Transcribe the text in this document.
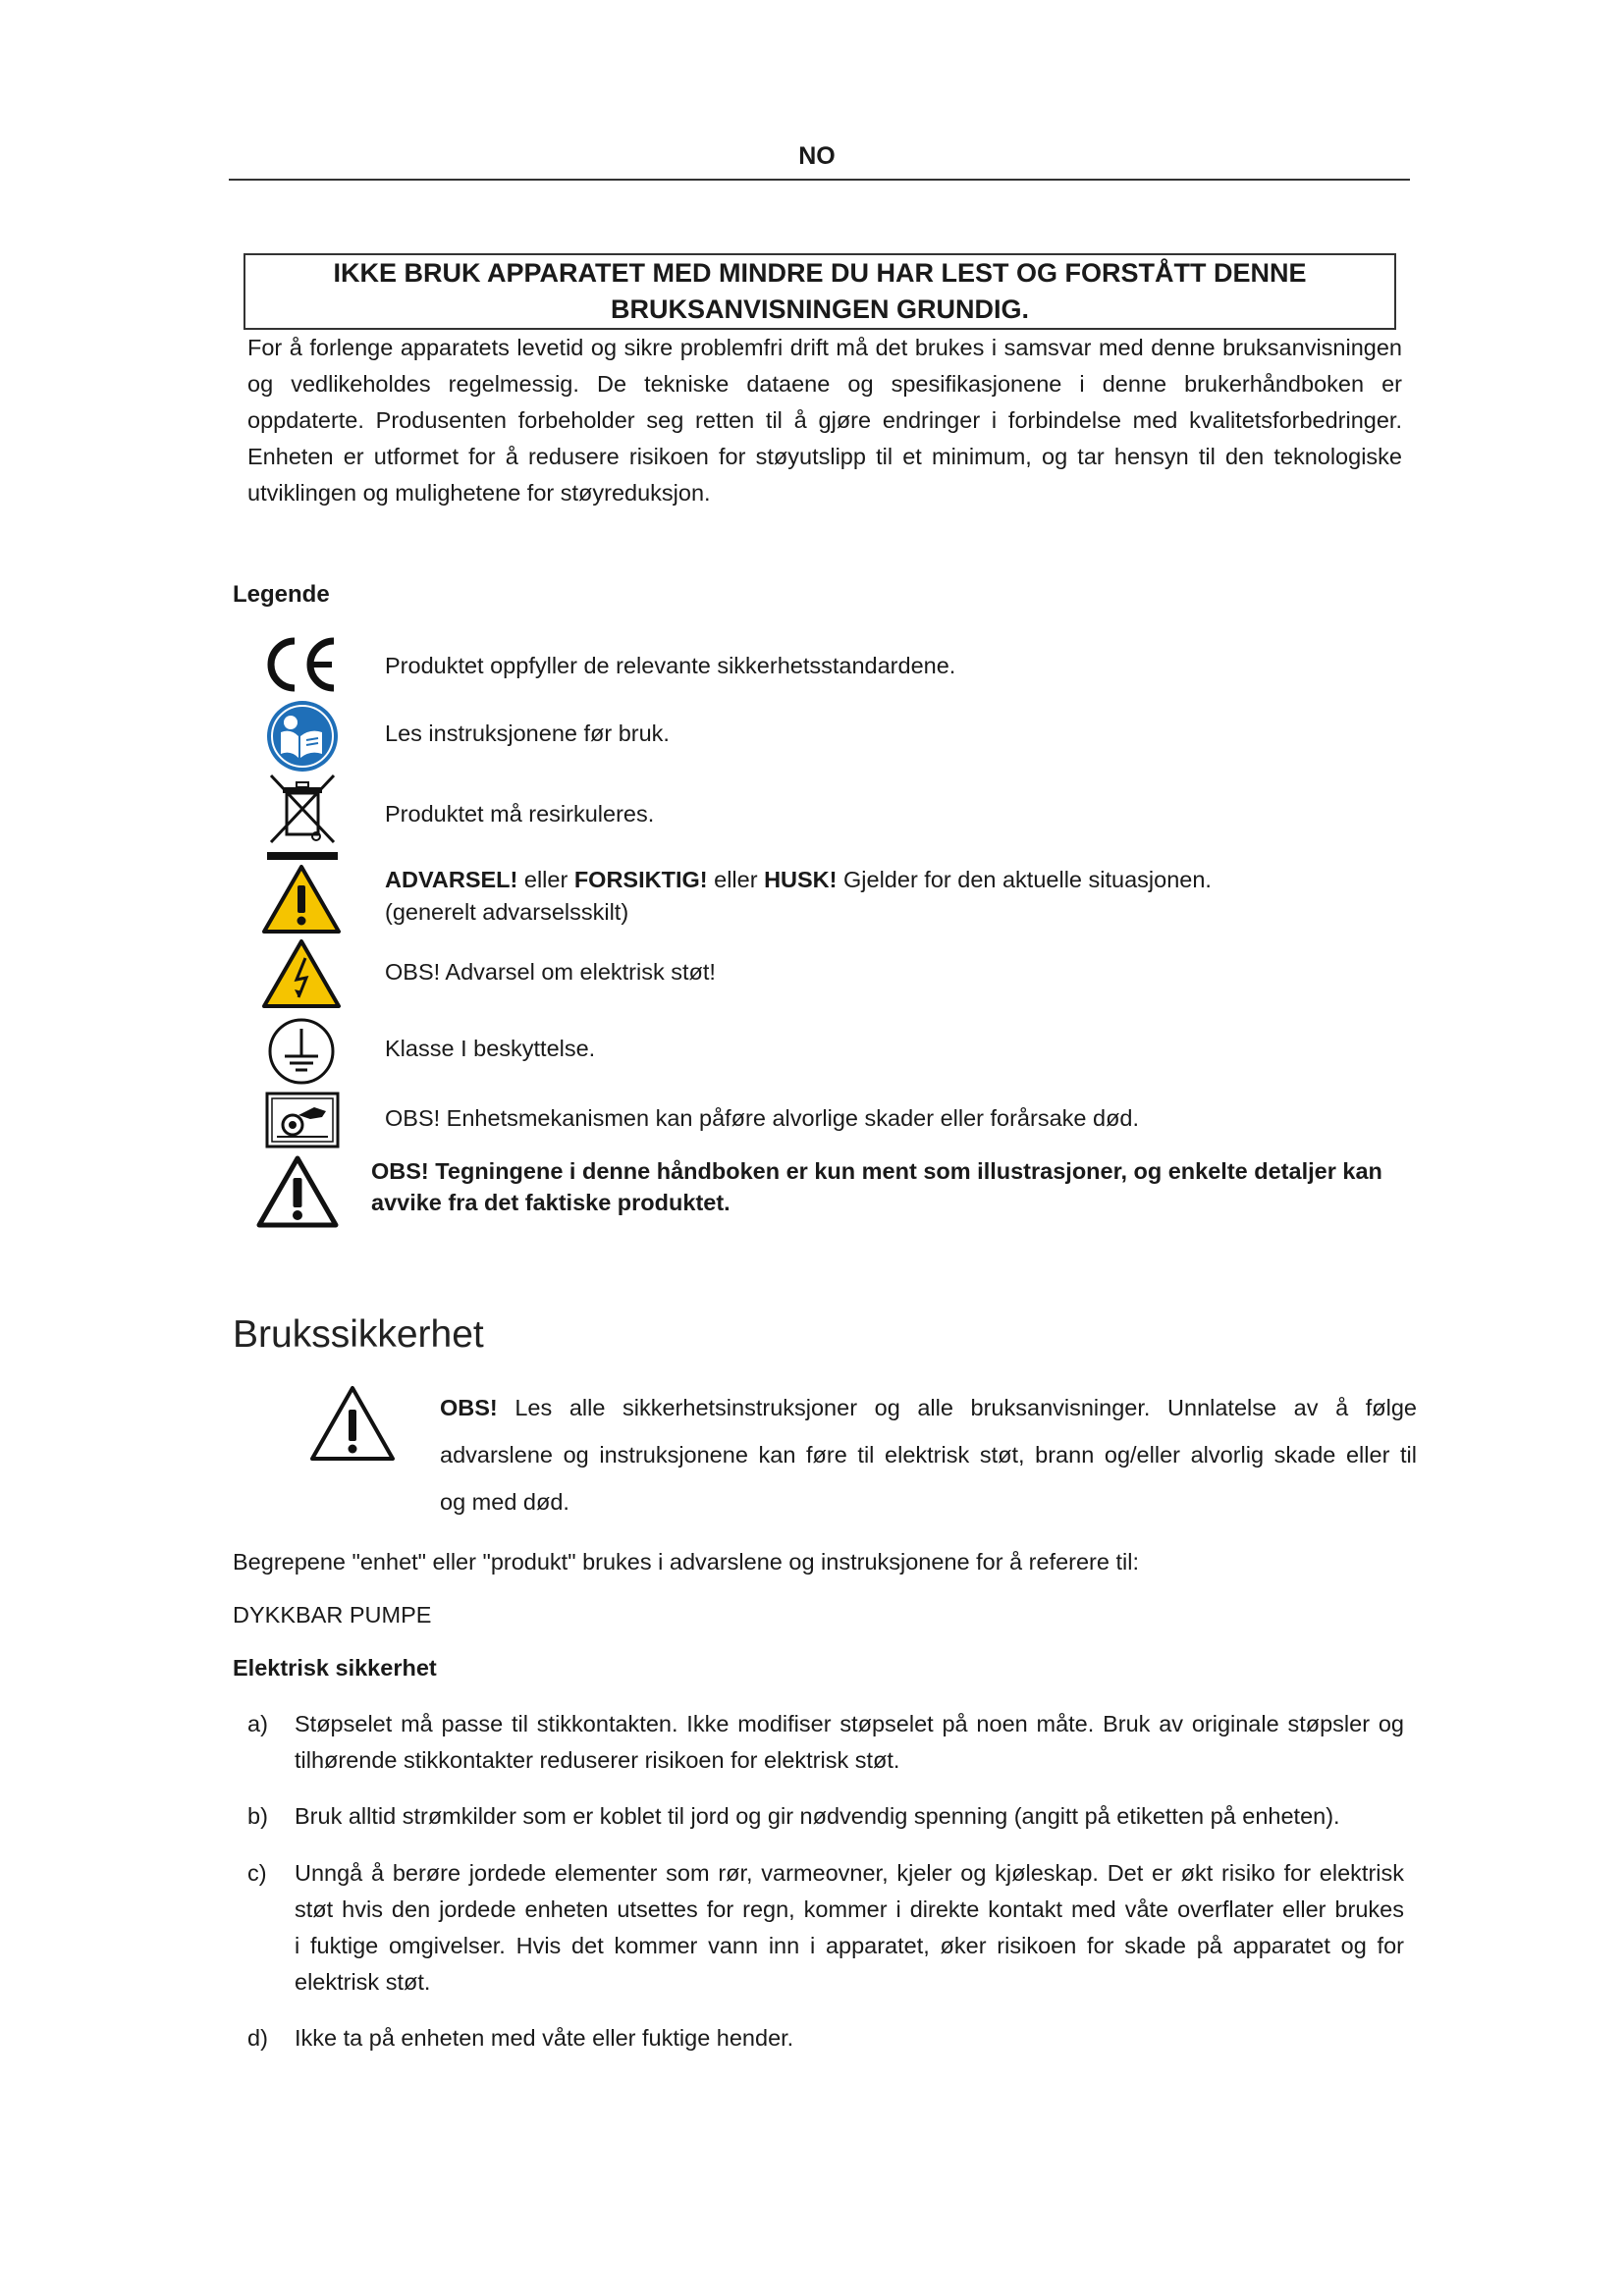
NO
IKKE BRUK APPARATET MED MINDRE DU HAR LEST OG FORSTÅTT DENNE
BRUKSANVISNINGEN GRUNDIG.
For å forlenge apparatets levetid og sikre problemfri drift må det brukes i samsvar med denne bruksanvisningen
og vedlikeholdes regelmessig. De tekniske dataene og spesifikasjonene i denne brukerhåndboken er
oppdaterte. Produsenten forbeholder seg retten til å gjøre endringer i forbindelse med kvalitetsforbedringer.
Enheten er utformet for å redusere risikoen for støyutslipp til et minimum, og tar hensyn til den teknologiske
utviklingen og mulighetene for støyreduksjon.
Legende
Produktet oppfyller de relevante sikkerhetsstandardene.
Les instruksjonene før bruk.
Produktet må resirkuleres.
ADVARSEL! eller FORSIKTIG! eller HUSK! Gjelder for den aktuelle situasjonen.
(generelt advarselsskilt)
OBS! Advarsel om elektrisk støt!
Klasse I beskyttelse.
OBS! Enhetsmekanismen kan påføre alvorlige skader eller forårsake død.
OBS! Tegningene i denne håndboken er kun ment som illustrasjoner, og enkelte detaljer kan
avvike fra det faktiske produktet.
Brukssikkerhet
OBS! Les alle sikkerhetsinstruksjoner og alle bruksanvisninger. Unnlatelse av å følge
advarslene og instruksjonene kan føre til elektrisk støt, brann og/eller alvorlig skade eller til
og med død.
Begrepene "enhet" eller "produkt" brukes i advarslene og instruksjonene for å referere til:
DYKKBAR PUMPE
Elektrisk sikkerhet
a) Støpselet må passe til stikkontakten. Ikke modifiser støpselet på noen måte. Bruk av originale støpsler og
tilhørende stikkontakter reduserer risikoen for elektrisk støt.
b) Bruk alltid strømkilder som er koblet til jord og gir nødvendig spenning (angitt på etiketten på enheten).
c) Unngå å berøre jordede elementer som rør, varmeovner, kjeler og kjøleskap. Det er økt risiko for elektrisk
støt hvis den jordede enheten utsettes for regn, kommer i direkte kontakt med våte overflater eller brukes
i fuktige omgivelser. Hvis det kommer vann inn i apparatet, øker risikoen for skade på apparatet og for
elektrisk støt.
d) Ikke ta på enheten med våte eller fuktige hender.
